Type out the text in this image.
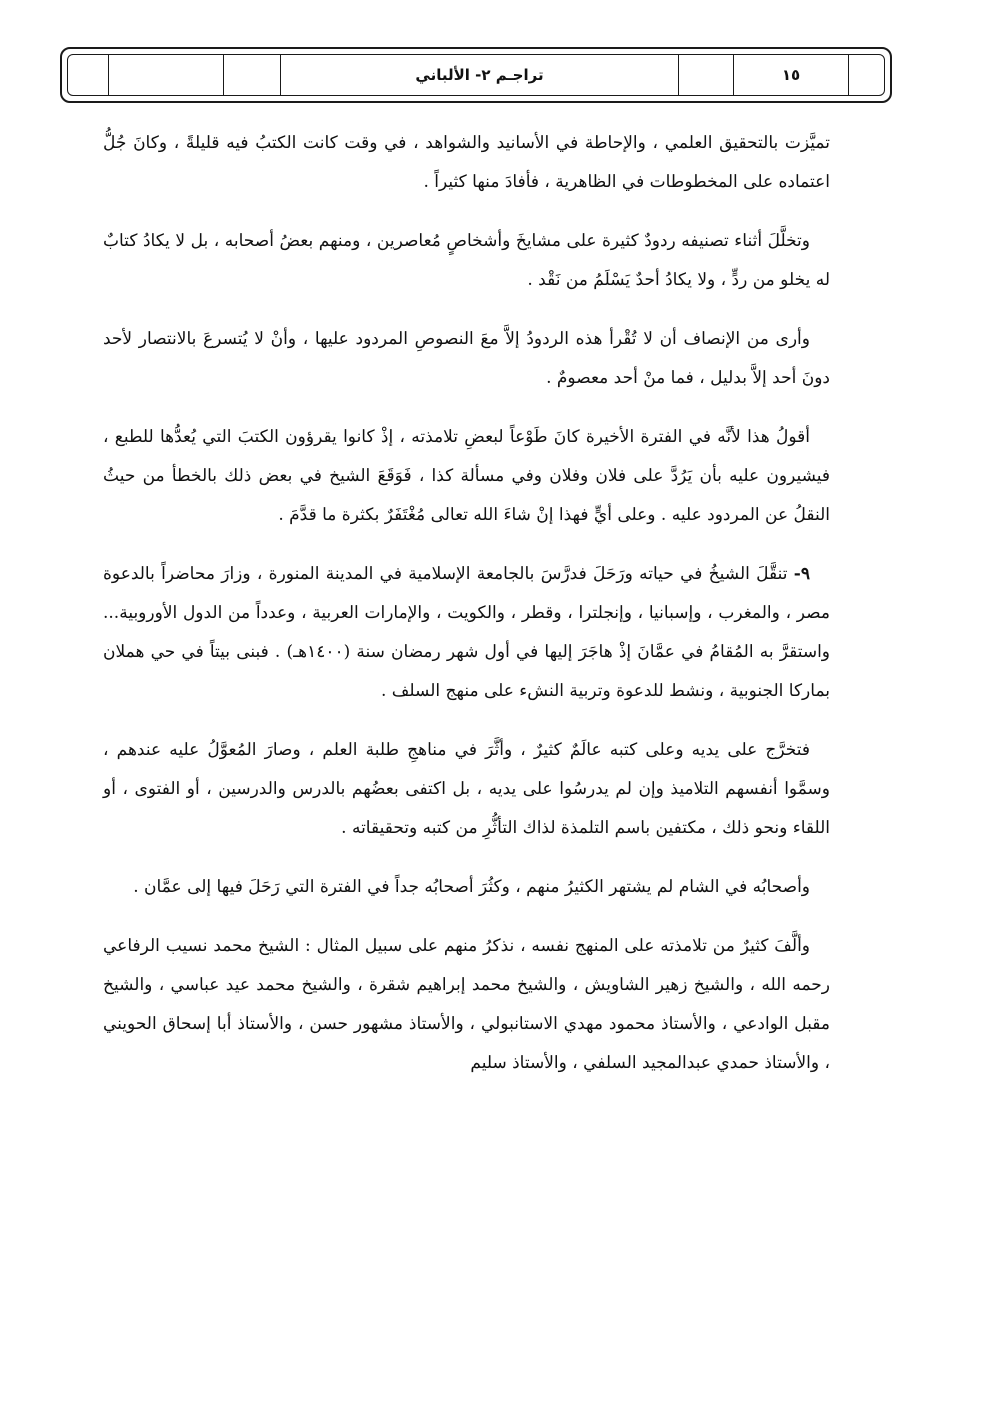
تراجـم ٢- الألباني	١٥

تميَّزت بالتحقيق العلمي ، والإحاطة في الأسانيد والشواهد ، في وقت كانت الكتبُ فيه قليلةً ، وكانَ جُلُّ اعتماده على المخطوطات في الظاهرية ، فأفادَ منها كثيراً .

وتخلَّلَ أثناء تصنيفه ردودٌ كثيرة على مشايخَ وأشخاصٍ مُعاصرين ، ومنهم بعضُ أصحابه ، بل لا يكادُ كتابٌ له يخلو من ردٍّ ، ولا يكادُ أحدٌ يَسْلَمُ من نَقْد .

وأرى من الإنصاف أن لا تُقْرأ هذه الردودُ إلاَّ معَ النصوصِ المردود عليها ، وأنْ لا يُتسرعَ بالانتصار لأحد دونَ أحد إلاَّ بدليل ، فما منْ أحد معصومٌ .

أقولُ هذا لأنَّه في الفترة الأخيرة كانَ طَوْعاً لبعضِ تلامذته ، إذْ كانوا يقرؤون الكتبَ التي يُعدُّها للطبع ، فيشيرون عليه بأن يَرُدَّ على فلان وفلان وفي مسألة كذا ، فَوَقَعَ الشيخ في بعض ذلك بالخطأ من حيثُ النقلُ عن المردود عليه . وعلى أيٍّ فهذا إنْ شاءَ الله تعالى مُغْتَفَرٌ بكثرة ما قدَّمَ .

٩- تنقَّلَ الشيخُ في حياته ورَحَلَ فدرَّسَ بالجامعة الإسلامية في المدينة المنورة ، وزارَ محاضراً بالدعوة مصر ، والمغرب ، وإسبانيا ، وإنجلترا ، وقطر ، والكويت ، والإمارات العربية ، وعدداً من الدول الأوروبية... واستقرَّ به المُقامُ في عمَّانَ إذْ هاجَرَ إليها في أول شهر رمضان سنة (١٤٠٠هـ) . فبنى بيتاً في حي هملان بماركا الجنوبية ، ونشط للدعوة وتربية النشء على منهج السلف .

فتخرَّج على يديه وعلى كتبه عالَمٌ كثيرٌ ، وأثَّرَ في مناهجِ طلبة العلم ، وصارَ المُعوَّلُ عليه عندهم ، وسمَّوا أنفسهم التلاميذ وإن لم يدرسُوا على يديه ، بل اكتفى بعضُهم بالدرس والدرسين ، أو الفتوى ، أو اللقاء ونحو ذلك ، مكتفين باسم التلمذة لذاك التأثُّرِ من كتبه وتحقيقاته .

وأصحابُه في الشام لم يشتهر الكثيرُ منهم ، وكثُرَ أصحابُه جداً في الفترة التي رَحَلَ فيها إلى عمَّان .

وألَّفَ كثيرٌ من تلامذته على المنهج نفسه ، نذكرُ منهم على سبيل المثال : الشيخ محمد نسيب الرفاعي رحمه الله ، والشيخ زهير الشاويش ، والشيخ محمد إبراهيم شقرة ، والشيخ محمد عيد عباسي ، والشيخ مقبل الوادعي ، والأستاذ محمود مهدي الاستانبولي ، والأستاذ مشهور حسن ، والأستاذ أبا إسحاق الحويني ، والأستاذ حمدي عبدالمجيد السلفي ، والأستاذ سليم
